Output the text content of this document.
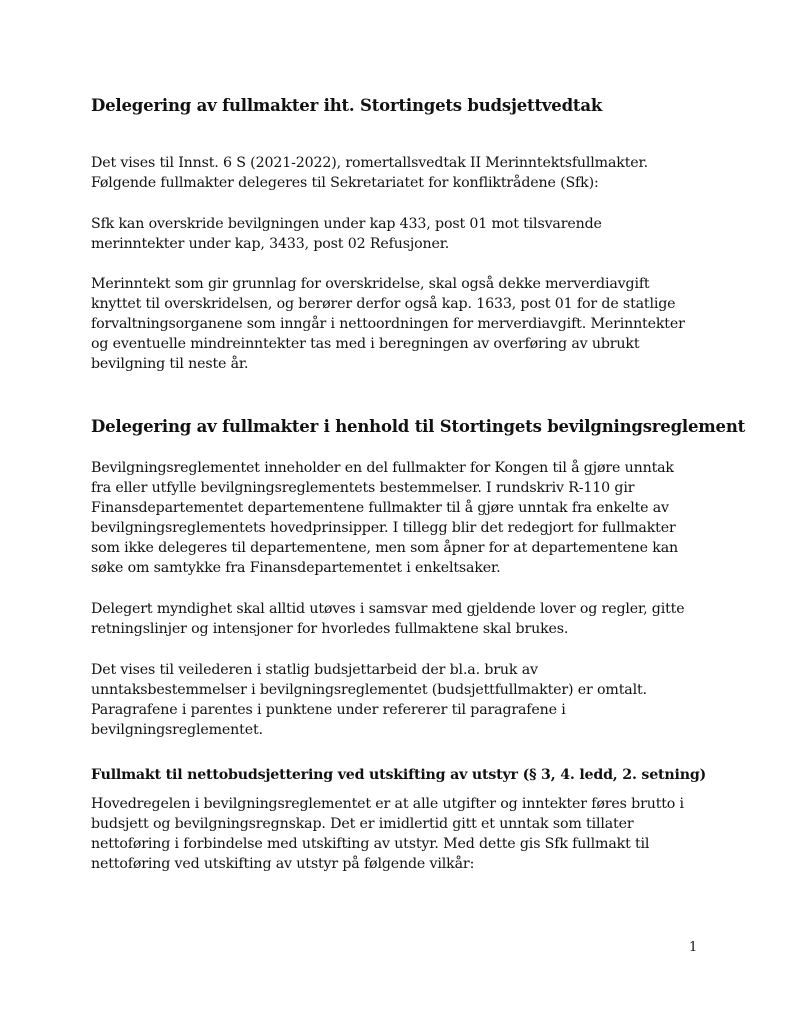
Delegering av fullmakter iht. Stortingets budsjettvedtak
Det vises til Innst. 6 S (2021-2022), romertallsvedtak II Merinntektsfullmakter.
Følgende fullmakter delegeres til Sekretariatet for konfliktrådene (Sfk):
Sfk kan overskride bevilgningen under kap 433, post 01 mot tilsvarende
merinntekter under kap, 3433, post 02 Refusjoner.
Merinntekt som gir grunnlag for overskridelse, skal også dekke merverdiavgift
knyttet til overskridelsen, og berører derfor også kap. 1633, post 01 for de statlige
forvaltningsorganene som inngår i nettoordningen for merverdiavgift. Merinntekter
og eventuelle mindreinntekter tas med i beregningen av overføring av ubrukt
bevilgning til neste år.
Delegering av fullmakter i henhold til Stortingets bevilgningsreglement
Bevilgningsreglementet inneholder en del fullmakter for Kongen til å gjøre unntak
fra eller utfylle bevilgningsreglementets bestemmelser. I rundskriv R-110 gir
Finansdepartementet departementene fullmakter til å gjøre unntak fra enkelte av
bevilgningsreglementets hovedprinsipper. I tillegg blir det redegjort for fullmakter
som ikke delegeres til departementene, men som åpner for at departementene kan
søke om samtykke fra Finansdepartementet i enkeltsaker.
Delegert myndighet skal alltid utøves i samsvar med gjeldende lover og regler, gitte
retningslinjer og intensjoner for hvorledes fullmaktene skal brukes.
Det vises til veilederen i statlig budsjettarbeid der bl.a. bruk av
unntaksbestemmelser i bevilgningsreglementet (budsjettfullmakter) er omtalt.
Paragrafene i parentes i punktene under refererer til paragrafene i
bevilgningsreglementet.
Fullmakt til nettobudsjettering ved utskifting av utstyr (§ 3, 4. ledd, 2. setning)
Hovedregelen i bevilgningsreglementet er at alle utgifter og inntekter føres brutto i
budsjett og bevilgningsregnskap. Det er imidlertid gitt et unntak som tillater
nettoføring i forbindelse med utskifting av utstyr. Med dette gis Sfk fullmakt til
nettoføring ved utskifting av utstyr på følgende vilkår:
1
